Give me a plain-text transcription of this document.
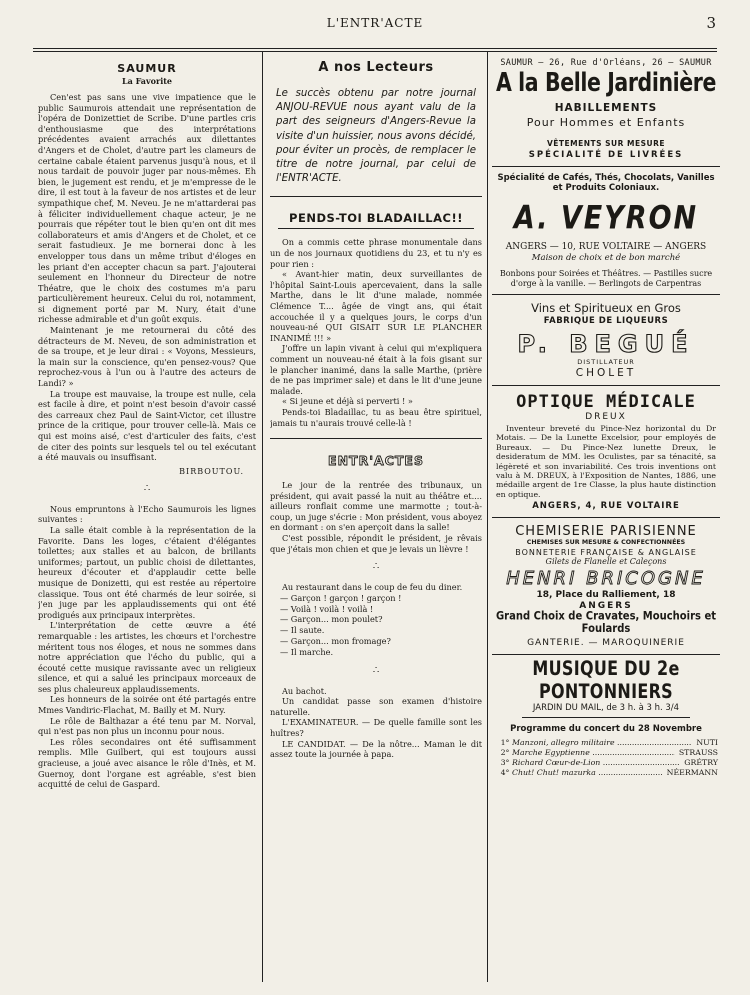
L'ENTR'ACTE	3
SAUMUR
La Favorite

Cen'est pas sans une vive impatience que le public Saumurois attendait une représentation de l'opéra de Donizettiet de Scribe. D'une partles cris d'enthousiasme que des interprétations précédentes avaient arrachés aux dilettantes d'Angers et de Cholet, d'autre part les clameurs de certaine cabale étaient parvenus jusqu'à nous, et il nous tardait de pouvoir juger par nous-mêmes. Eh bien, le jugement est rendu, et je m'empresse de le dire, il est tout à la faveur de nos artistes et de leur sympathique chef, M. Neveu. Je ne m'attarderai pas à féliciter individuellement chaque acteur, je ne pourrais que répéter tout le bien qu'en ont dit mes collaborateurs et amis d'Angers et de Cholet, et ce serait fastudieux. Je me bornerai donc à les envelopper tous dans un même tribut d'éloges en les priant d'en accepter chacun sa part. J'ajouterai seulement en l'honneur du Directeur de notre Théatre, que le choix des costumes m'a paru particulièrement heureux. Celui du roi, notamment, si dignement porté par M. Nury, était d'une richesse admirable et d'un goût exquis.

Maintenant je me retournerai du côté des détracteurs de M. Neveu, de son administration et de sa troupe, et je leur dirai : « Voyons, Messieurs, la main sur la conscience, qu'en pensez-vous? Que reprochez-vous à l'un ou à l'autre des acteurs de Landi? »

La troupe est mauvaise, la troupe est nulle, cela est facile à dire, et point n'est besoin d'avoir cassé des carreaux chez Paul de Saint-Victor, cet illustre prince de la critique, pour trouver celle-là. Mais ce qui est moins aisé, c'est d'articuler des faits, c'est de citer des points sur lesquels tel ou tel exécutant a été mauvais ou insuffisant.

BIRBOUTOU.
∴

Nous empruntons à l'Echo Saumurois les lignes suivantes :

La salle était comble à la représentation de la Favorite. Dans les loges, c'étaient d'élégantes toilettes; aux stalles et au balcon, de brillants uniformes; partout, un public choisi de dilettantes, heureux d'écouter et d'applaudir cette belle musique de Donizetti, qui est restée au répertoire classique. Tous ont été charmés de leur soirée, si j'en juge par les applaudissements qui ont été prodigués aux principaux interprètes.

L'interprétation de cette œuvre a été remarquable : les artistes, les chœurs et l'orchestre méritent tous nos éloges, et nous ne sommes dans notre appréciation que l'écho du public, qui a écouté cette musique ravissante avec un religieux silence, et qui a salué les principaux morceaux de ses plus chaleureux applaudissements.

Les honneurs de la soirée ont été partagés entre Mmes Vandiric-Flachat, M. Bailly et M. Nury.

Le rôle de Balthazar a été tenu par M. Norval, qui n'est pas non plus un inconnu pour nous.

Les rôles secondaires ont été suffisamment remplis. Mlle Guilbert, qui est toujours aussi gracieuse, a joué avec aisance le rôle d'Inès, et M. Guernoy, dont l'organe est agréable, s'est bien acquitté de celui de Gaspard.

A nos Lecteurs
Le succès obtenu par notre journal ANJOU-REVUE nous ayant valu de la part des seigneurs d'Angers-Revue la visite d'un huissier, nous avons décidé, pour éviter un procès, de remplacer le titre de notre journal, par celui de l'ENTR'ACTE.
PENDS-TOI BLADAILLAC!!

On a commis cette phrase monumentale dans un de nos journaux quotidiens du 23, et tu n'y es pour rien :

« Avant-hier matin, deux surveillantes de l'hôpital Saint-Louis apercevaient, dans la salle Marthe, dans le lit d'une malade, nommée Clémence T.... âgée de vingt ans, qui était accouchée il y a quelques jours, le corps d'un nouveau-né QUI GISAIT SUR LE PLANCHER INANIMÉ !!! »

J'offre un lapin vivant à celui qui m'expliquera comment un nouveau-né était à la fois gisant sur le plancher inanimé, dans la salle Marthe, (prière de ne pas imprimer sale) et dans le lit d'une jeune malade.

« Si jeune et déjà si perverti ! »

Pends-toi Bladaillac, tu as beau être spirituel, jamais tu n'aurais trouvé celle-là !

ENTR'ACTES

Le jour de la rentrée des tribunaux, un président, qui avait passé la nuit au théâtre et.... ailleurs ronflait comme une marmotte ; tout-à-coup, un juge s'écrie : Mon président, vous aboyez en dormant : on s'en aperçoit dans la salle!

C'est possible, répondit le président, je rêvais que j'étais mon chien et que je levais un lièvre !

∴

Au restaurant dans le coup de feu du diner.

— Garçon ! garçon ! garçon !

— Voilà ! voilà ! voilà !

— Garçon... mon poulet?

— Il saute.

— Garçon... mon fromage?

— Il marche.

∴

Au bachot.

Un candidat passe son examen d'histoire naturelle.

L'EXAMINATEUR. — De quelle famille sont les huîtres?

LE CANDIDAT. — De la nôtre... Maman le dit assez toute la journée à papa.

SAUMUR — 26, Rue d'Orléans, 26 — SAUMUR
A la Belle Jardinière
HABILLEMENTS
Pour Hommes et Enfants
VÊTEMENTS SUR MESURE
SPÉCIALITÉ DE LIVRÉES
Spécialité de Cafés, Thés, Chocolats, Vanilles et Produits Coloniaux.
A. VEYRON
ANGERS — 10, RUE VOLTAIRE — ANGERS
Maison de choix et de bon marché
Bonbons pour Soirées et Théâtres. — Pastilles sucre d'orge à la vanille. — Berlingots de Carpentras
Vins et Spiritueux en Gros
FABRIQUE DE LIQUEURS
P. BEGUÉ
DISTILLATEUR
CHOLET
OPTIQUE MÉDICALE
DREUX
Inventeur breveté du Pince-Nez horizontal du Dr Motais. — De la Lunette Excelsior, pour employés de Bureaux. — Du Pince-Nez lunette Dreux, le desideratum de MM. les Oculistes, par sa ténacité, sa légèreté et son invariabilité. Ces trois inventions ont valu à M. DREUX, à l'Exposition de Nantes, 1886, une médaille argent de 1re Classe, la plus haute distinction en optique.
ANGERS, 4, RUE VOLTAIRE
CHEMISERIE PARISIENNE
CHEMISES SUR MESURE & CONFECTIONNÉES
BONNETERIE FRANÇAISE & ANGLAISE
Gilets de Flanelle et Caleçons
HENRI BRICOGNE
18, Place du Ralliement, 18
ANGERS
Grand Choix de Cravates, Mouchoirs et Foulards
GANTERIE. — MAROQUINERIE
MUSIQUE DU 2e PONTONNIERS
JARDIN DU MAIL, de 3 h. à 3 h. 3/4
Programme du concert du 28 Novembre
1° Manzoni, allegro militaire .....	NUTI
2° Marche Egyptienne .....	STRAUSS
3° Richard Cœur-de-Lion .....	GRÉTRY
4° Chut! Chut! mazurka .....	NÉERMANN
